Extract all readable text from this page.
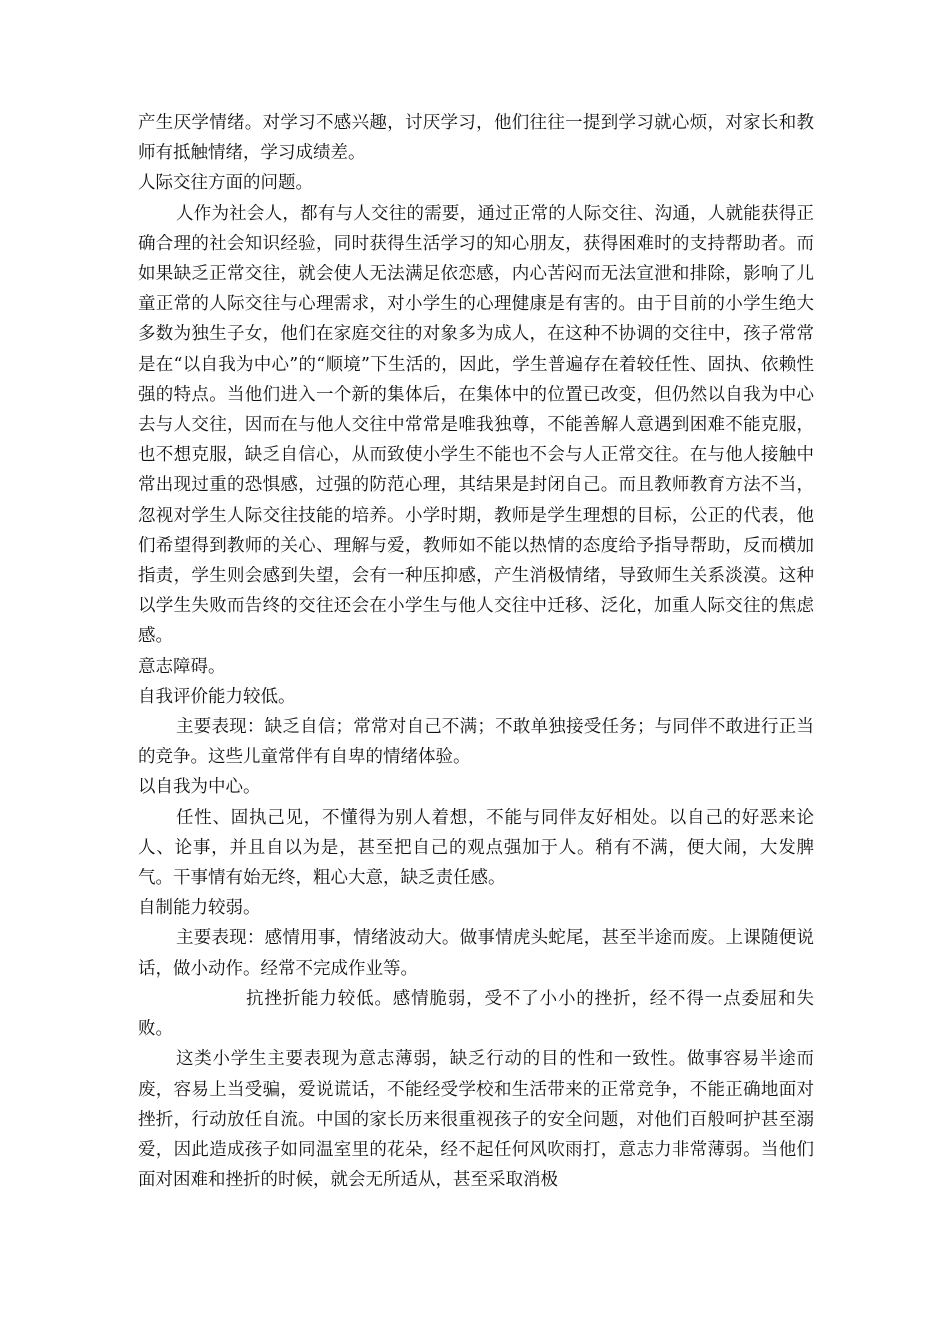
产生厌学情绪。对学习不感兴趣，讨厌学习，他们往往一提到学习就心烦，对家长和教师有抵触情绪，学习成绩差。

人际交往方面的问题。

人作为社会人，都有与人交往的需要，通过正常的人际交往、沟通，人就能获得正确合理的社会知识经验，同时获得生活学习的知心朋友，获得困难时的支持帮助者。而如果缺乏正常交往，就会使人无法满足依恋感，内心苦闷而无法宣泄和排除，影响了儿童正常的人际交往与心理需求，对小学生的心理健康是有害的。由于目前的小学生绝大多数为独生子女，他们在家庭交往的对象多为成人，在这种不协调的交往中，孩子常常是在“以自我为中心”的“顺境”下生活的，因此，学生普遍存在着较任性、固执、依赖性强的特点。当他们进入一个新的集体后，在集体中的位置已改变，但仍然以自我为中心去与人交往，因而在与他人交往中常常是唯我独尊，不能善解人意遇到困难不能克服，也不想克服，缺乏自信心，从而致使小学生不能也不会与人正常交往。在与他人接触中常出现过重的恐惧感，过强的防范心理，其结果是封闭自己。而且教师教育方法不当，忽视对学生人际交往技能的培养。小学时期，教师是学生理想的目标，公正的代表，他们希望得到教师的关心、理解与爱，教师如不能以热情的态度给予指导帮助，反而横加指责，学生则会感到失望，会有一种压抑感，产生消极情绪，导致师生关系淡漠。这种以学生失败而告终的交往还会在小学生与他人交往中迁移、泛化，加重人际交往的焦虑感。

意志障碍。

自我评价能力较低。

主要表现：缺乏自信；常常对自己不满；不敢单独接受任务；与同伴不敢进行正当的竞争。这些儿童常伴有自卑的情绪体验。

以自我为中心。

任性、固执己见，不懂得为别人着想，不能与同伴友好相处。以自己的好恶来论人、论事，并且自以为是，甚至把自己的观点强加于人。稍有不满，便大闹，大发脾气。干事情有始无终，粗心大意，缺乏责任感。

自制能力较弱。

主要表现：感情用事，情绪波动大。做事情虎头蛇尾，甚至半途而废。上课随便说话，做小动作。经常不完成作业等。

抗挫折能力较低。感情脆弱，受不了小小的挫折，经不得一点委屈和失败。

这类小学生主要表现为意志薄弱，缺乏行动的目的性和一致性。做事容易半途而废，容易上当受骗，爱说谎话，不能经受学校和生活带来的正常竞争，不能正确地面对挫折，行动放任自流。中国的家长历来很重视孩子的安全问题，对他们百般呵护甚至溺爱，因此造成孩子如同温室里的花朵，经不起任何风吹雨打，意志力非常薄弱。当他们面对困难和挫折的时候，就会无所适从，甚至采取消极
